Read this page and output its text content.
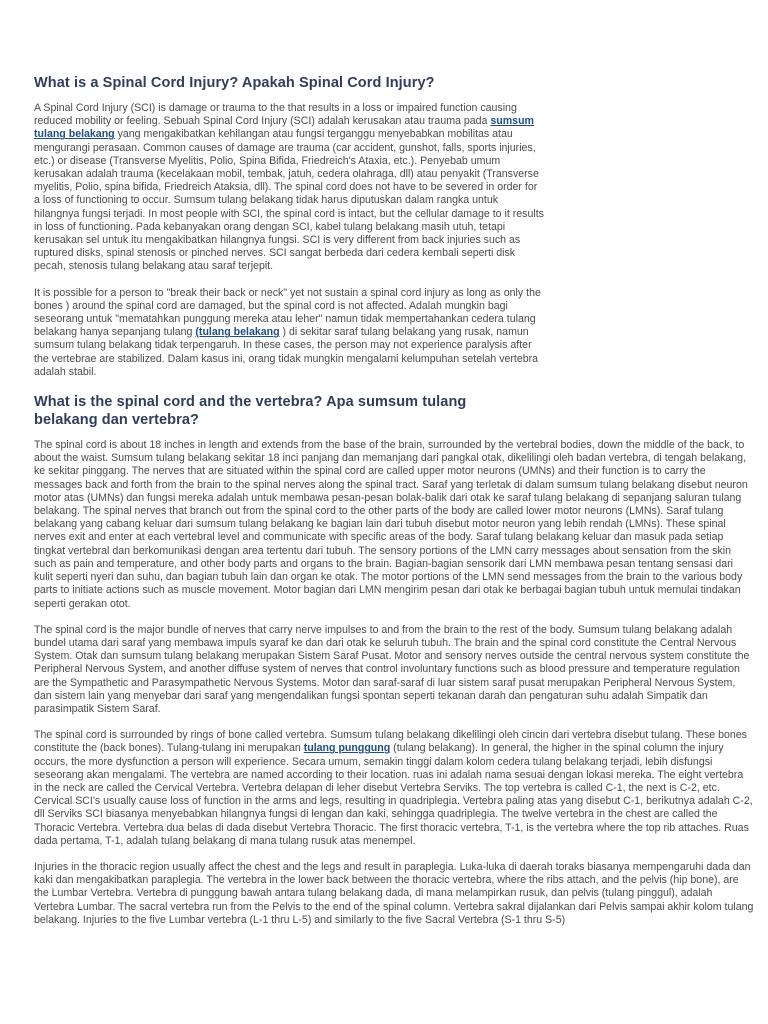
What is a Spinal Cord Injury? Apakah Spinal Cord Injury?

A Spinal Cord Injury (SCI) is damage or trauma to the that results in a loss or impaired function causing reduced mobility or feeling. Sebuah Spinal Cord Injury (SCI) adalah kerusakan atau trauma pada sumsum tulang belakang yang mengakibatkan kehilangan atau fungsi terganggu menyebabkan mobilitas atau mengurangi perasaan. Common causes of damage are trauma (car accident, gunshot, falls, sports injuries, etc.) or disease (Transverse Myelitis, Polio, Spina Bifida, Friedreich's Ataxia, etc.). Penyebab umum kerusakan adalah trauma (kecelakaan mobil, tembak, jatuh, cedera olahraga, dll) atau penyakit (Transverse myelitis, Polio, spina bifida, Friedreich Ataksia, dll). The spinal cord does not have to be severed in order for a loss of functioning to occur. Sumsum tulang belakang tidak harus diputuskan dalam rangka untuk hilangnya fungsi terjadi. In most people with SCI, the spinal cord is intact, but the cellular damage to it results in loss of functioning. Pada kebanyakan orang dengan SCI, kabel tulang belakang masih utuh, tetapi kerusakan sel untuk itu mengakibatkan hilangnya fungsi. SCI is very different from back injuries such as ruptured disks, spinal stenosis or pinched nerves. SCI sangat berbeda dari cedera kembali seperti disk pecah, stenosis tulang belakang atau saraf terjepit.

It is possible for a person to "break their back or neck" yet not sustain a spinal cord injury as long as only the bones ) around the spinal cord are damaged, but the spinal cord is not affected. Adalah mungkin bagi seseorang untuk "mematahkan punggung mereka atau leher" namun tidak mempertahankan cedera tulang belakang hanya sepanjang tulang (tulang belakang ) di sekitar saraf tulang belakang yang rusak, namun sumsum tulang belakang tidak terpengaruh. In these cases, the person may not experience paralysis after the vertebrae are stabilized. Dalam kasus ini, orang tidak mungkin mengalami kelumpuhan setelah vertebra adalah stabil.

What is the spinal cord and the vertebra? Apa sumsum tulang belakang dan vertebra?

The spinal cord is about 18 inches in length and extends from the base of the brain, surrounded by the vertebral bodies, down the middle of the back, to about the waist. Sumsum tulang belakang sekitar 18 inci panjang dan memanjang dari pangkal otak, dikelilingi oleh badan vertebra, di tengah belakang, ke sekitar pinggang. The nerves that are situated within the spinal cord are called upper motor neurons (UMNs) and their function is to carry the messages back and forth from the brain to the spinal nerves along the spinal tract. Saraf yang terletak di dalam sumsum tulang belakang disebut neuron motor atas (UMNs) dan fungsi mereka adalah untuk membawa pesan-pesan bolak-balik dari otak ke saraf tulang belakang di sepanjang saluran tulang belakang. The spinal nerves that branch out from the spinal cord to the other parts of the body are called lower motor neurons (LMNs). Saraf tulang belakang yang cabang keluar dari sumsum tulang belakang ke bagian lain dari tubuh disebut motor neuron yang lebih rendah (LMNs). These spinal nerves exit and enter at each vertebral level and communicate with specific areas of the body. Saraf tulang belakang keluar dan masuk pada setiap tingkat vertebral dan berkomunikasi dengan area tertentu dari tubuh. The sensory portions of the LMN carry messages about sensation from the skin such as pain and temperature, and other body parts and organs to the brain. Bagian-bagian sensorik dari LMN membawa pesan tentang sensasi dari kulit seperti nyeri dan suhu, dan bagian tubuh lain dan organ ke otak. The motor portions of the LMN send messages from the brain to the various body parts to initiate actions such as muscle movement. Motor bagian dari LMN mengirim pesan dari otak ke berbagai bagian tubuh untuk memulai tindakan seperti gerakan otot.

The spinal cord is the major bundle of nerves that carry nerve impulses to and from the brain to the rest of the body. Sumsum tulang belakang adalah bundel utama dari saraf yang membawa impuls syaraf ke dan dari otak ke seluruh tubuh. The brain and the spinal cord constitute the Central Nervous System. Otak dan sumsum tulang belakang merupakan Sistem Saraf Pusat. Motor and sensory nerves outside the central nervous system constitute the Peripheral Nervous System, and another diffuse system of nerves that control involuntary functions such as blood pressure and temperature regulation are the Sympathetic and Parasympathetic Nervous Systems. Motor dan saraf-saraf di luar sistem saraf pusat merupakan Peripheral Nervous System, dan sistem lain yang menyebar dari saraf yang mengendalikan fungsi spontan seperti tekanan darah dan pengaturan suhu adalah Simpatik dan parasimpatik Sistem Saraf.

The spinal cord is surrounded by rings of bone called vertebra. Sumsum tulang belakang dikelilingi oleh cincin dari vertebra disebut tulang. These bones constitute the (back bones). Tulang-tulang ini merupakan tulang punggung (tulang belakang). In general, the higher in the spinal column the injury occurs, the more dysfunction a person will experience. Secara umum, semakin tinggi dalam kolom cedera tulang belakang terjadi, lebih disfungsi seseorang akan mengalami. The vertebra are named according to their location. ruas ini adalah nama sesuai dengan lokasi mereka. The eight vertebra in the neck are called the Cervical Vertebra. Vertebra delapan di leher disebut Vertebra Serviks. The top vertebra is called C-1, the next is C-2, etc. Cervical SCI's usually cause loss of function in the arms and legs, resulting in quadriplegia. Vertebra paling atas yang disebut C-1, berikutnya adalah C-2, dll Serviks SCI biasanya menyebabkan hilangnya fungsi di lengan dan kaki, sehingga quadriplegia. The twelve vertebra in the chest are called the Thoracic Vertebra. Vertebra dua belas di dada disebut Vertebra Thoracic. The first thoracic vertebra, T-1, is the vertebra where the top rib attaches. Ruas dada pertama, T-1, adalah tulang belakang di mana tulang rusuk atas menempel.

Injuries in the thoracic region usually affect the chest and the legs and result in paraplegia. Luka-luka di daerah toraks biasanya mempengaruhi dada dan kaki dan mengakibatkan paraplegia. The vertebra in the lower back between the thoracic vertebra, where the ribs attach, and the pelvis (hip bone), are the Lumbar Vertebra. Vertebra di punggung bawah antara tulang belakang dada, di mana melampirkan rusuk, dan pelvis (tulang pinggul), adalah Vertebra Lumbar. The sacral vertebra run from the Pelvis to the end of the spinal column. Vertebra sakral dijalankan dari Pelvis sampai akhir kolom tulang belakang. Injuries to the five Lumbar vertebra (L-1 thru L-5) and similarly to the five Sacral Vertebra (S-1 thru S-5)
